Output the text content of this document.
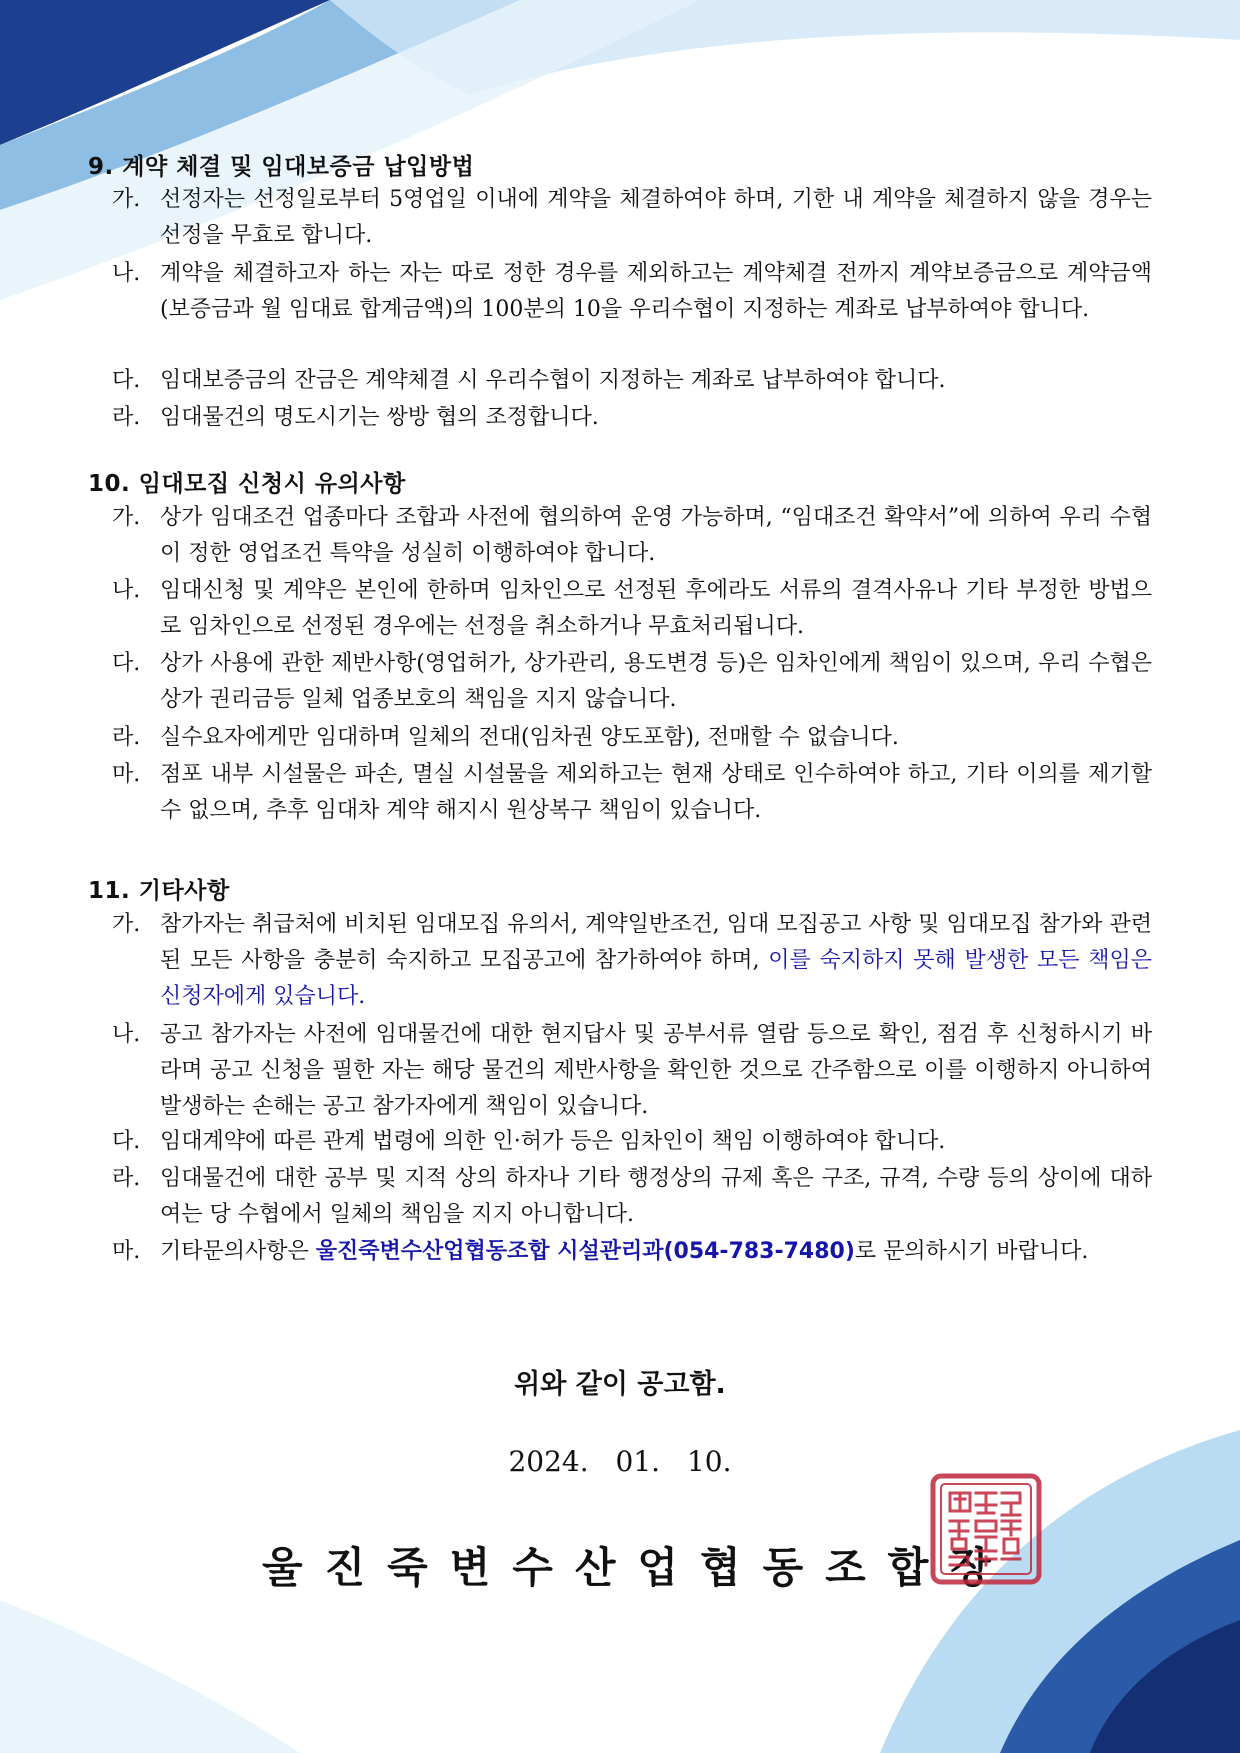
9. 계약 체결 및 임대보증금 납입방법
가. 선정자는 선정일로부터 5영업일 이내에 계약을 체결하여야 하며, 기한 내 계약을 체결하지 않을 경우는 선정을 무효로 합니다.
나. 계약을 체결하고자 하는 자는 따로 정한 경우를 제외하고는 계약체결 전까지 계약보증금으로 계약금액(보증금과 월 임대료 합계금액)의 100분의 10을 우리수협이 지정하는 계좌로 납부하여야 합니다.
다. 임대보증금의 잔금은 계약체결 시 우리수협이 지정하는 계좌로 납부하여야 합니다.
라. 임대물건의 명도시기는 쌍방 협의 조정합니다.
10. 임대모집 신청시 유의사항
가. 상가 임대조건 업종마다 조합과 사전에 협의하여 운영 가능하며, “임대조건 확약서”에 의하여 우리 수협이 정한 영업조건 특약을 성실히 이행하여야 합니다.
나. 임대신청 및 계약은 본인에 한하며 임차인으로 선정된 후에라도 서류의 결격사유나 기타 부정한 방법으로 임차인으로 선정된 경우에는 선정을 취소하거나 무효처리됩니다.
다. 상가 사용에 관한 제반사항(영업허가, 상가관리, 용도변경 등)은 임차인에게 책임이 있으며, 우리 수협은 상가 권리금등 일체 업종보호의 책임을 지지 않습니다.
라. 실수요자에게만 임대하며 일체의 전대(임차권 양도포함), 전매할 수 없습니다.
마. 점포 내부 시설물은 파손, 멸실 시설물을 제외하고는 현재 상태로 인수하여야 하고, 기타 이의를 제기할 수 없으며, 추후 임대차 계약 해지시 원상복구 책임이 있습니다.
11. 기타사항
가. 참가자는 취급처에 비치된 임대모집 유의서, 계약일반조건, 임대 모집공고 사항 및 임대모집 참가와 관련된 모든 사항을 충분히 숙지하고 모집공고에 참가하여야 하며, 이를 숙지하지 못해 발생한 모든 책임은 신청자에게 있습니다.
나. 공고 참가자는 사전에 임대물건에 대한 현지답사 및 공부서류 열람 등으로 확인, 점검 후 신청하시기 바라며 공고 신청을 필한 자는 해당 물건의 제반사항을 확인한 것으로 간주함으로 이를 이행하지 아니하여 발생하는 손해는 공고 참가자에게 책임이 있습니다.
다. 임대계약에 따른 관계 법령에 의한 인·허가 등은 임차인이 책임 이행하여야 합니다.
라. 임대물건에 대한 공부 및 지적 상의 하자나 기타 행정상의 규제 혹은 구조, 규격, 수량 등의 상이에 대하여는 당 수협에서 일체의 책임을 지지 아니합니다.
마. 기타문의사항은 울진죽변수산업협동조합 시설관리과(054-783-7480)로 문의하시기 바랍니다.
위와 같이 공고함.
2024. 01. 10.
울진죽변수산업협동조합장
